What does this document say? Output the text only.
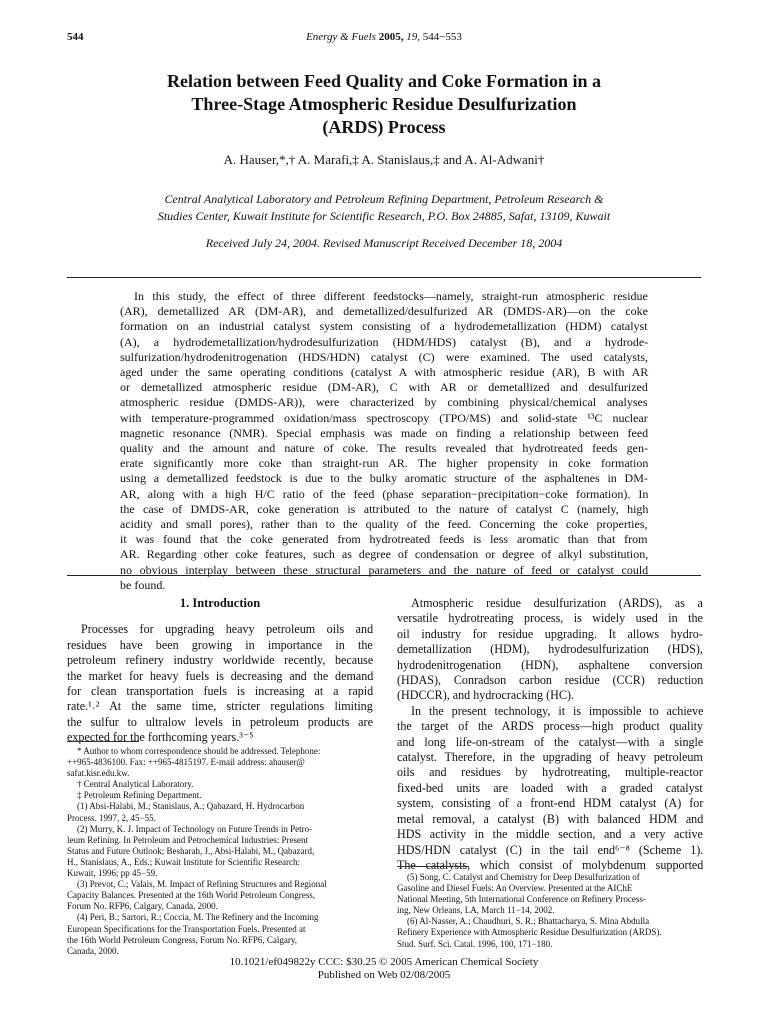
544	Energy & Fuels 2005, 19, 544−553
Relation between Feed Quality and Coke Formation in a
Three-Stage Atmospheric Residue Desulfurization
(ARDS) Process
A. Hauser,*,† A. Marafi,‡ A. Stanislaus,‡ and A. Al-Adwani†
Central Analytical Laboratory and Petroleum Refining Department, Petroleum Research &
Studies Center, Kuwait Institute for Scientific Research, P.O. Box 24885, Safat, 13109, Kuwait
Received July 24, 2004. Revised Manuscript Received December 18, 2004
In this study, the effect of three different feedstocks—namely, straight-run atmospheric residue
(AR), demetallized AR (DM-AR), and demetallized/desulfurized AR (DMDS-AR)—on the coke
formation on an industrial catalyst system consisting of a hydrodemetallization (HDM) catalyst
(A), a hydrodemetallization/hydrodesulfurization (HDM/HDS) catalyst (B), and a hydrode-
sulfurization/hydrodenitrogenation (HDS/HDN) catalyst (C) were examined. The used catalysts,
aged under the same operating conditions (catalyst A with atmospheric residue (AR), B with AR
or demetallized atmospheric residue (DM-AR), C with AR or demetallized and desulfurized
atmospheric residue (DMDS-AR)), were characterized by combining physical/chemical analyses
with temperature-programmed oxidation/mass spectroscopy (TPO/MS) and solid-state ¹³C nuclear
magnetic resonance (NMR). Special emphasis was made on finding a relationship between feed
quality and the amount and nature of coke. The results revealed that hydrotreated feeds gen-
erate significantly more coke than straight-run AR. The higher propensity in coke formation
using a demetallized feedstock is due to the bulky aromatic structure of the asphaltenes in DM-
AR, along with a high H/C ratio of the feed (phase separation−precipitation−coke formation). In
the case of DMDS-AR, coke generation is attributed to the nature of catalyst C (namely, high
acidity and small pores), rather than to the quality of the feed. Concerning the coke properties,
it was found that the coke generated from hydrotreated feeds is less aromatic than that from
AR. Regarding other coke features, such as degree of condensation or degree of alkyl substitution,
no obvious interplay between these structural parameters and the nature of feed or catalyst could
be found.
1. Introduction
Processes for upgrading heavy petroleum oils and
residues have been growing in importance in the
petroleum refinery industry worldwide recently, because
the market for heavy fuels is decreasing and the demand
for clean transportation fuels is increasing at a rapid
rate.¹˒² At the same time, stricter regulations limiting
the sulfur to ultralow levels in petroleum products are
expected for the forthcoming years.³⁻⁵
Atmospheric residue desulfurization (ARDS), as a
versatile hydrotreating process, is widely used in the
oil industry for residue upgrading. It allows hydro-
demetallization (HDM), hydrodesulfurization (HDS),
hydrodenitrogenation (HDN), asphaltene conversion
(HDAS), Conradson carbon residue (CCR) reduction
(HDCCR), and hydrocracking (HC).
In the present technology, it is impossible to achieve
the target of the ARDS process—high product quality
and long life-on-stream of the catalyst—with a single
catalyst. Therefore, in the upgrading of heavy petroleum
oils and residues by hydrotreating, multiple-reactor
fixed-bed units are loaded with a graded catalyst
system, consisting of a front-end HDM catalyst (A) for
metal removal, a catalyst (B) with balanced HDM and
HDS activity in the middle section, and a very active
HDS/HDN catalyst (C) in the tail end⁶⁻⁸ (Scheme 1).
The catalysts, which consist of molybdenum supported
* Author to whom correspondence should be addressed. Telephone:
++965-4836100. Fax: ++965-4815197. E-mail address: ahauser@
safat.kisr.edu.kw.
† Central Analytical Laboratory.
‡ Petroleum Refining Department.
(1) Absi-Halabi, M.; Stanislaus, A.; Qabazard, H. Hydrocarbon
Process. 1997, 2, 45−55.
(2) Murry, K. J. Impact of Technology on Future Trends in Petro-
leum Refining. In Petroleum and Petrochemical Industries: Present
Status and Future Outlook; Besharah, J., Absi-Halabi, M., Qabazard,
H., Stanislaus, A., Eds.; Kuwait Institute for Scientific Research:
Kuwait, 1996; pp 45−59.
(3) Prevot, C.; Valais, M. Impact of Refining Structures and Regional
Capacity Balances. Presented at the 16th World Petroleum Congress,
Forum No. RFP6, Calgary, Canada, 2000.
(4) Peri, B.; Sartori, R.; Coccia, M. The Refinery and the Incoming
European Specifications for the Transportation Fuels. Presented at
the 16th World Petroleum Congress, Forum No. RFP6, Calgary,
Canada, 2000.
(5) Song, C. Catalyst and Chemistry for Deep Desulfurization of
Gasoline and Diesel Fuels: An Overview. Presented at the AIChE
National Meeting, 5th International Conference on Refinery Process-
ing, New Orleans, LA, March 11−14, 2002.
(6) Al-Nasser, A.; Chaudhuri, S. R.; Bhattacharya, S. Mina Abdulla
Refinery Experience with Atmospheric Residue Desulfurization (ARDS).
Stud. Surf. Sci. Catal. 1996, 100, 171−180.
10.1021/ef049822y CCC: $30.25 © 2005 American Chemical Society
Published on Web 02/08/2005
